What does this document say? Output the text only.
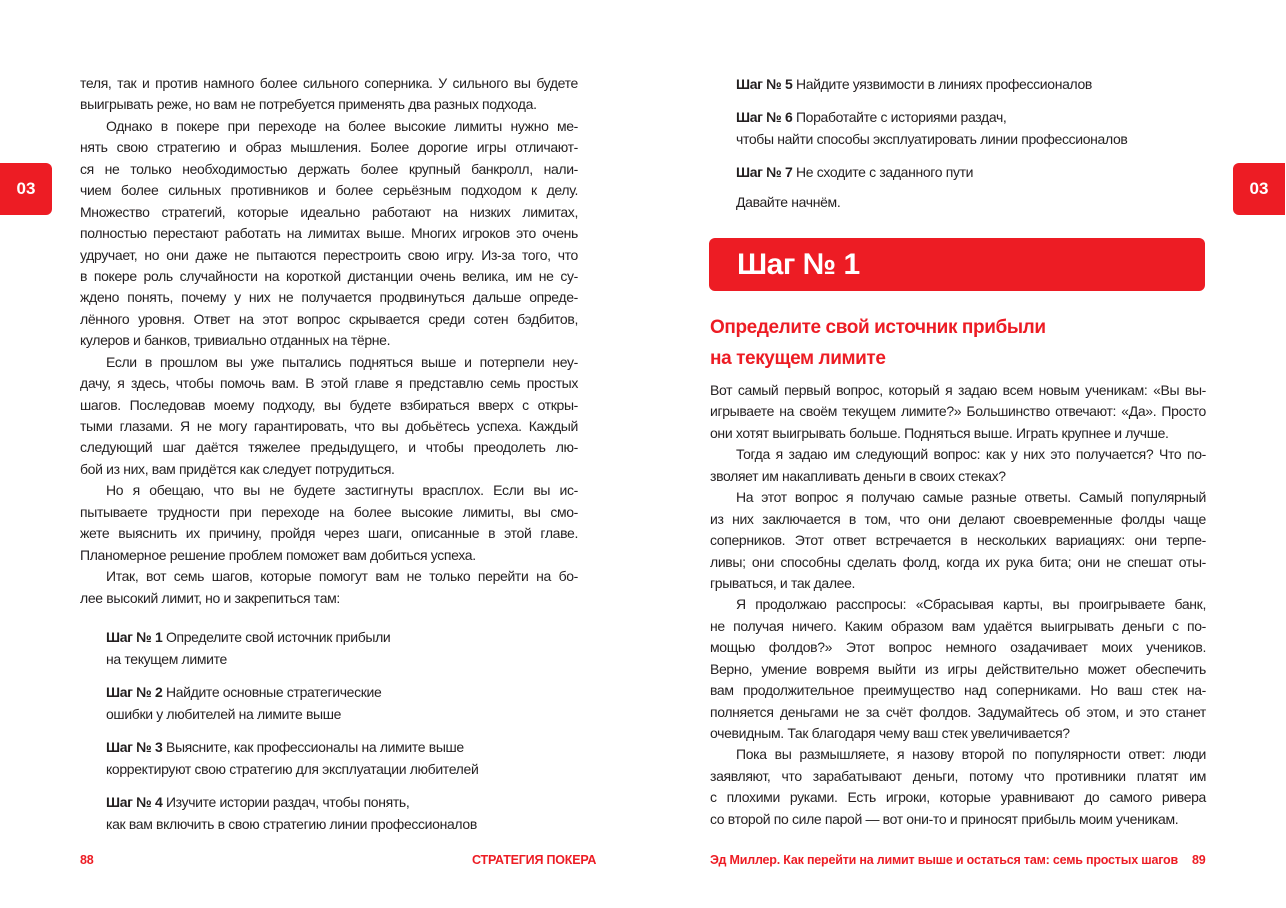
03	03
теля, так и против намного более сильного соперника. У сильного вы будете
выигрывать реже, но вам не потребуется применять два разных подхода.
Однако в покере при переходе на более высокие лимиты нужно ме-
нять свою стратегию и образ мышления. Более дорогие игры отличают-
ся не только необходимостью держать более крупный банкролл, нали-
чием более сильных противников и более серьёзным подходом к делу.
Множество стратегий, которые идеально работают на низких лимитах,
полностью перестают работать на лимитах выше. Многих игроков это очень
удручает, но они даже не пытаются перестроить свою игру. Из-за того, что
в покере роль случайности на короткой дистанции очень велика, им не су-
ждено понять, почему у них не получается продвинуться дальше опреде-
лённого уровня. Ответ на этот вопрос скрывается среди сотен бэдбитов,
кулеров и банков, тривиально отданных на тёрне.
Если в прошлом вы уже пытались подняться выше и потерпели неу-
дачу, я здесь, чтобы помочь вам. В этой главе я представлю семь простых
шагов. Последовав моему подходу, вы будете взбираться вверх с откры-
тыми глазами. Я не могу гарантировать, что вы добьётесь успеха. Каждый
следующий шаг даётся тяжелее предыдущего, и чтобы преодолеть лю-
бой из них, вам придётся как следует потрудиться.
Но я обещаю, что вы не будете застигнуты врасплох. Если вы ис-
пытываете трудности при переходе на более высокие лимиты, вы смо-
жете выяснить их причину, пройдя через шаги, описанные в этой главе.
Планомерное решение проблем поможет вам добиться успеха.
Итак, вот семь шагов, которые помогут вам не только перейти на бо-
лее высокий лимит, но и закрепиться там:
Шаг № 1 Определите свой источник прибыли
на текущем лимите
Шаг № 2 Найдите основные стратегические
ошибки у любителей на лимите выше
Шаг № 3 Выясните, как профессионалы на лимите выше
корректируют свою стратегию для эксплуатации любителей
Шаг № 4 Изучите истории раздач, чтобы понять,
как вам включить в свою стратегию линии профессионалов
Шаг № 5 Найдите уязвимости в линиях профессионалов
Шаг № 6 Поработайте с историями раздач,
чтобы найти способы эксплуатировать линии профессионалов
Шаг № 7 Не сходите с заданного пути
Давайте начнём.
Шаг № 1
Определите свой источник прибыли
на текущем лимите
Вот самый первый вопрос, который я задаю всем новым ученикам: «Вы вы-
игрываете на своём текущем лимите?» Большинство отвечают: «Да». Просто
они хотят выигрывать больше. Подняться выше. Играть крупнее и лучше.
Тогда я задаю им следующий вопрос: как у них это получается? Что по-
зволяет им накапливать деньги в своих стеках?
На этот вопрос я получаю самые разные ответы. Самый популярный
из них заключается в том, что они делают своевременные фолды чаще
соперников. Этот ответ встречается в нескольких вариациях: они терпе-
ливы; они способны сделать фолд, когда их рука бита; они не спешат оты-
грываться, и так далее.
Я продолжаю расспросы: «Сбрасывая карты, вы проигрываете банк,
не получая ничего. Каким образом вам удаётся выигрывать деньги с по-
мощью фолдов?» Этот вопрос немного озадачивает моих учеников.
Верно, умение вовремя выйти из игры действительно может обеспечить
вам продолжительное преимущество над соперниками. Но ваш стек на-
полняется деньгами не за счёт фолдов. Задумайтесь об этом, и это станет
очевидным. Так благодаря чему ваш стек увеличивается?
Пока вы размышляете, я назову второй по популярности ответ: люди
заявляют, что зарабатывают деньги, потому что противники платят им
с плохими руками. Есть игроки, которые уравнивают до самого ривера
со второй по силе парой — вот они-то и приносят прибыль моим ученикам.
88	СТРАТЕГИЯ ПОКЕРА	Эд Миллер. Как перейти на лимит выше и остаться там: семь простых шагов 89
